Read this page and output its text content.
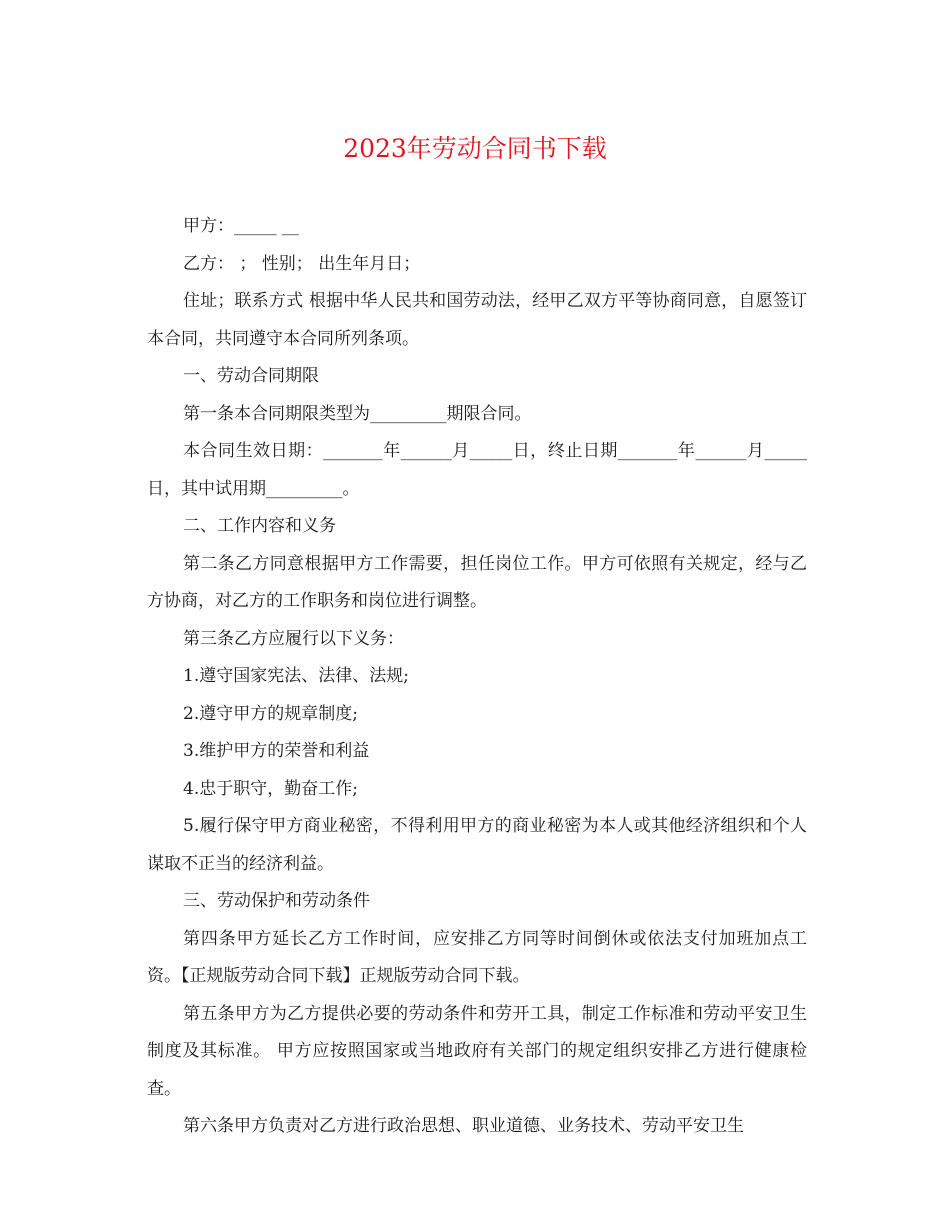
2023年劳动合同书下载

甲方：_____ __

乙方： ； 性别； 出生年月日；

住址；联系方式 根据中华人民共和国劳动法，经甲乙双方平等协商同意，自愿签订本合同，共同遵守本合同所列条项。

一、劳动合同期限

第一条本合同期限类型为_________期限合同。

本合同生效日期：_______年______月_____日，终止日期_______年______月_____日，其中试用期_________。

二、工作内容和义务

第二条乙方同意根据甲方工作需要，担任岗位工作。甲方可依照有关规定，经与乙方协商，对乙方的工作职务和岗位进行调整。

第三条乙方应履行以下义务：

1.遵守国家宪法、法律、法规;

2.遵守甲方的规章制度;

3.维护甲方的荣誉和利益

4.忠于职守，勤奋工作;

5.履行保守甲方商业秘密，不得利用甲方的商业秘密为本人或其他经济组织和个人谋取不正当的经济利益。

三、劳动保护和劳动条件

第四条甲方延长乙方工作时间，应安排乙方同等时间倒休或依法支付加班加点工资。【正规版劳动合同下载】正规版劳动合同下载。

第五条甲方为乙方提供必要的劳动条件和劳开工具，制定工作标准和劳动平安卫生制度及其标准。 甲方应按照国家或当地政府有关部门的规定组织安排乙方进行健康检查。

第六条甲方负责对乙方进行政治思想、职业道德、业务技术、劳动平安卫生
